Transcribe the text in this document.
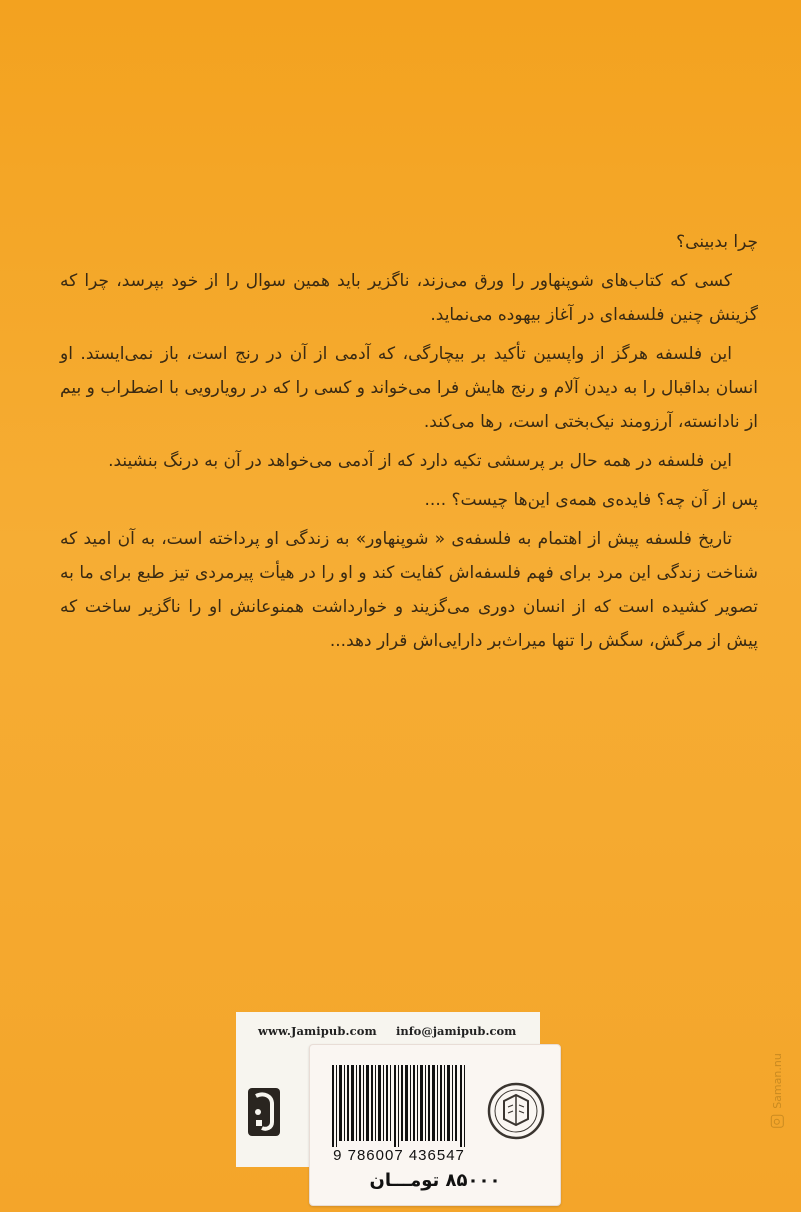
چرا بدبینی؟

کسی که کتاب‌های شوپنهاور را ورق می‌زند، ناگزیر باید همین سوال را از خود بپرسد، چرا که گزینش چنین فلسفه‌ای در آغاز بیهوده می‌نماید.

این فلسفه هرگز از واپسین تأکید بر بیچارگی، که آدمی از آن در رنج است، باز نمی‌ایستد. او انسان بداقبال را به دیدن آلام و رنج هایش فرا می‌خواند و کسی را که در رویارویی با اضطراب و بیم از نادانسته، آرزومند نیک‌بختی است، رها می‌کند.

این فلسفه در همه حال بر پرسشی تکیه دارد که از آدمی می‌خواهد در آن به درنگ بنشیند.

پس از آن چه؟ فایده‌ی همه‌ی این‌ها چیست؟ ....

تاریخ فلسفه پیش از اهتمام به فلسفه‌ی « شوپنهاور» به زندگی او پرداخته است، به آن امید که شناخت زندگی این مرد برای فهم فلسفه‌اش کفایت کند و او را در هیأت پیرمردی تیز طبع برای ما به تصویر کشیده است که از انسان دوری می‌گزیند و خوارداشت همنوعانش او را ناگزیر ساخت که پیش از مرگش، سگش را تنها میراث‌بر دارایی‌اش قرار دهد...

Saman.nu
www.Jamipub.com info@jamipub.com
9 786007 436547
۸۵۰۰۰ تومـــان
